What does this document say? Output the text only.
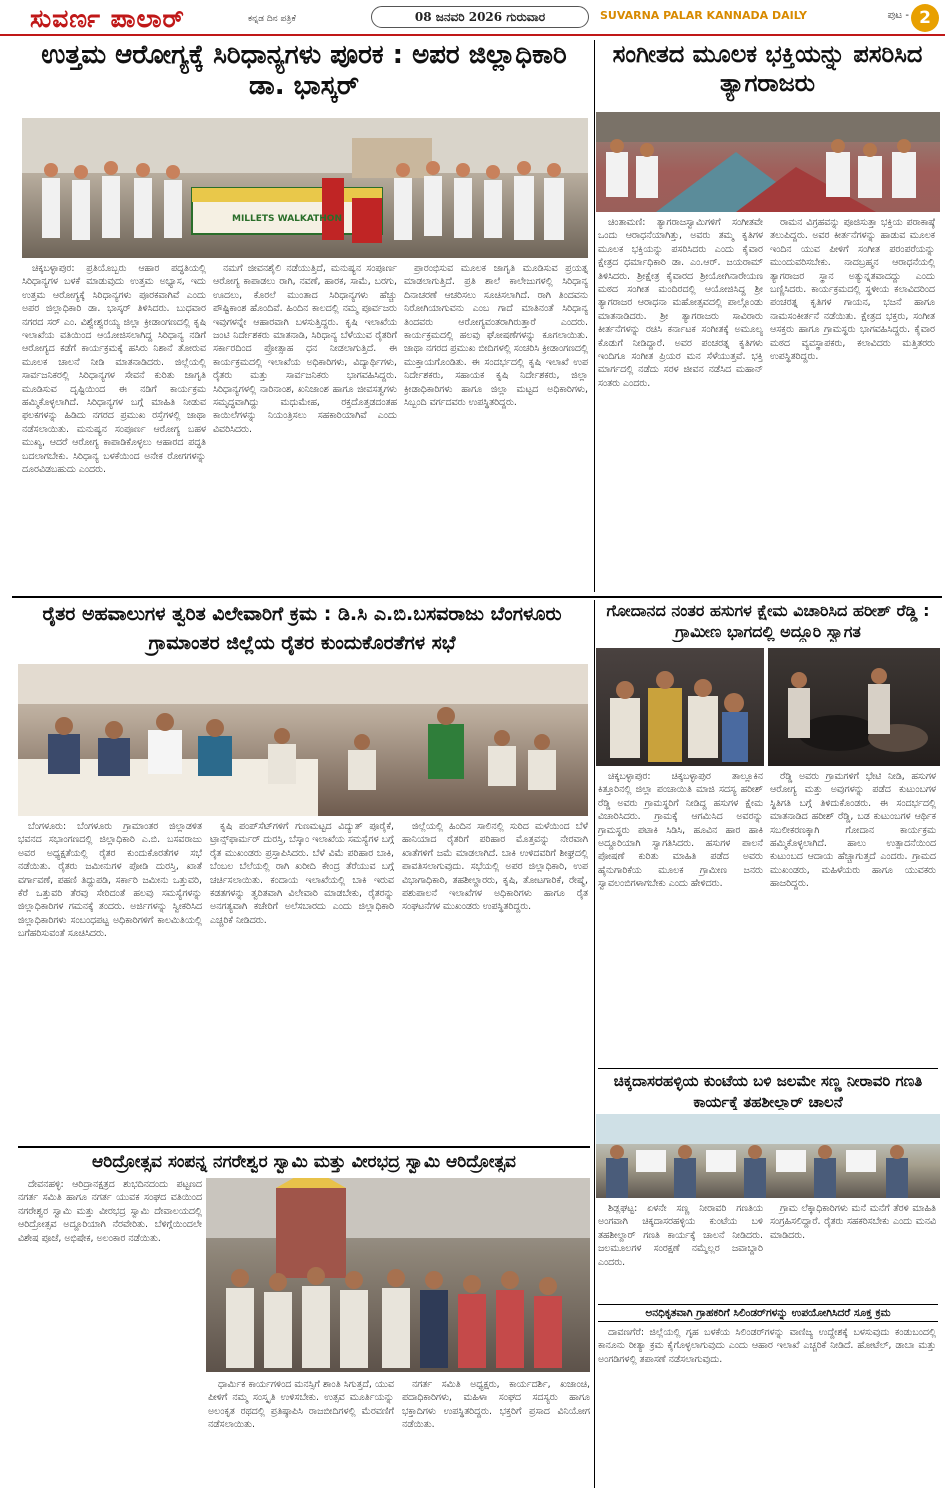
ಸುವರ್ಣ ಪಾಲಾರ್	ಕನ್ನಡ ದಿನ ಪತ್ರಿಕೆ	08 ಜನವರಿ 2026 ಗುರುವಾರ	SUVARNA PALAR KANNADA DAILY	ಪುಟ - 2
ಉತ್ತಮ ಆರೋಗ್ಯಕ್ಕೆ ಸಿರಿಧಾನ್ಯಗಳು ಪೂರಕ : ಅಪರ ಜಿಲ್ಲಾಧಿಕಾರಿ ಡಾ. ಭಾಸ್ಕರ್
MILLETS WALKATHON

ಚಿಕ್ಕಬಳ್ಳಾಪುರ: ಪ್ರತಿಯೊಬ್ಬರು ಆಹಾರ ಪದ್ಧತಿಯಲ್ಲಿ ಸಿರಿಧಾನ್ಯಗಳ ಬಳಕೆ ಮಾಡುವುದು ಉತ್ತಮ ಅಭ್ಯಾಸ, ಇದು ಉತ್ತಮ ಆರೋಗ್ಯಕ್ಕೆ ಸಿರಿಧಾನ್ಯಗಳು ಪೂರಕವಾಗಿವೆ ಎಂದು ಅಪರ ಜಿಲ್ಲಾಧಿಕಾರಿ ಡಾ. ಭಾಸ್ಕರ್ ತಿಳಿಸಿದರು. ಬುಧವಾರ ನಗರದ ಸರ್ ಎಂ. ವಿಶ್ವೇಶ್ವರಯ್ಯ ಜಿಲ್ಲಾ ಕ್ರೀಡಾಂಗಣದಲ್ಲಿ ಕೃಷಿ ಇಲಾಖೆಯ ವತಿಯಿಂದ ಆಯೋಜಿಸಲಾಗಿದ್ದ ಸಿರಿಧಾನ್ಯ ನಡಿಗೆ ಆರೋಗ್ಯದ ಕಡೆಗೆ ಕಾರ್ಯಕ್ರಮಕ್ಕೆ ಹಸಿರು ನಿಶಾನೆ ತೋರುವ ಮೂಲಕ ಚಾಲನೆ ನೀಡಿ ಮಾತನಾಡಿದರು. ಜಿಲ್ಲೆಯಲ್ಲಿ ಸಾರ್ವಜನಿಕರಲ್ಲಿ ಸಿರಿಧಾನ್ಯಗಳ ಸೇವನೆ ಕುರಿತು ಜಾಗೃತಿ ಮೂಡಿಸುವ ದೃಷ್ಟಿಯಿಂದ ಈ ನಡಿಗೆ ಕಾರ್ಯಕ್ರಮ ಹಮ್ಮಿಕೊಳ್ಳಲಾಗಿದೆ. ಸಿರಿಧಾನ್ಯಗಳ ಬಗ್ಗೆ ಮಾಹಿತಿ ನೀಡುವ ಫಲಕಗಳನ್ನು ಹಿಡಿದು ನಗರದ ಪ್ರಮುಖ ರಸ್ತೆಗಳಲ್ಲಿ ಜಾಥಾ ನಡೆಸಲಾಯಿತು. ಮನುಷ್ಯನ ಸಂಪೂರ್ಣ ಆರೋಗ್ಯ ಬಹಳ ಮುಖ್ಯ, ಆದರೆ ಆರೋಗ್ಯ ಕಾಪಾಡಿಕೊಳ್ಳಲು ಆಹಾರದ ಪದ್ಧತಿ ಬದಲಾಗಬೇಕು. ಸಿರಿಧಾನ್ಯ ಬಳಕೆಯಿಂದ ಅನೇಕ ರೋಗಗಳನ್ನು ದೂರವಿಡಬಹುದು ಎಂದರು.

ನಮಗೆ ಜೀವನಶೈಲಿ ನಡೆಯುತ್ತಿದೆ, ಮನುಷ್ಯನ ಸಂಪೂರ್ಣ ಆರೋಗ್ಯ ಕಾಪಾಡಲು ರಾಗಿ, ನವಣೆ, ಹಾರಕ, ಸಾಮೆ, ಬರಗು, ಊದಲು, ಕೊರಲೆ ಮುಂತಾದ ಸಿರಿಧಾನ್ಯಗಳು ಹೆಚ್ಚು ಪೌಷ್ಟಿಕಾಂಶ ಹೊಂದಿವೆ. ಹಿಂದಿನ ಕಾಲದಲ್ಲಿ ನಮ್ಮ ಪೂರ್ವಜರು ಇವುಗಳನ್ನೇ ಆಹಾರವಾಗಿ ಬಳಸುತ್ತಿದ್ದರು. ಕೃಷಿ ಇಲಾಖೆಯ ಜಂಟಿ ನಿರ್ದೇಶಕರು ಮಾತನಾಡಿ, ಸಿರಿಧಾನ್ಯ ಬೆಳೆಯುವ ರೈತರಿಗೆ ಸರ್ಕಾರದಿಂದ ಪ್ರೋತ್ಸಾಹ ಧನ ನೀಡಲಾಗುತ್ತಿದೆ. ಈ ಕಾರ್ಯಕ್ರಮದಲ್ಲಿ ಇಲಾಖೆಯ ಅಧಿಕಾರಿಗಳು, ವಿದ್ಯಾರ್ಥಿಗಳು, ರೈತರು ಮತ್ತು ಸಾರ್ವಜನಿಕರು ಭಾಗವಹಿಸಿದ್ದರು. ಸಿರಿಧಾನ್ಯಗಳಲ್ಲಿ ನಾರಿನಾಂಶ, ಖನಿಜಾಂಶ ಹಾಗೂ ಜೀವಸತ್ವಗಳು ಸಮೃದ್ಧವಾಗಿದ್ದು ಮಧುಮೇಹ, ರಕ್ತದೊತ್ತಡದಂತಹ ಕಾಯಿಲೆಗಳನ್ನು ನಿಯಂತ್ರಿಸಲು ಸಹಕಾರಿಯಾಗಿವೆ ಎಂದು ವಿವರಿಸಿದರು.

ಪ್ರಾರಂಭಿಸುವ ಮೂಲಕ ಜಾಗೃತಿ ಮೂಡಿಸುವ ಪ್ರಯತ್ನ ಮಾಡಲಾಗುತ್ತಿದೆ. ಪ್ರತಿ ಶಾಲೆ ಕಾಲೇಜುಗಳಲ್ಲಿ ಸಿರಿಧಾನ್ಯ ದಿನಾಚರಣೆ ಆಚರಿಸಲು ಸೂಚಿಸಲಾಗಿದೆ. ರಾಗಿ ತಿಂದವನು ನಿರೋಗಿಯಾಗುವನು ಎಂಬ ಗಾದೆ ಮಾತಿನಂತೆ ಸಿರಿಧಾನ್ಯ ತಿಂದವರು ಆರೋಗ್ಯವಂತರಾಗಿರುತ್ತಾರೆ ಎಂದರು. ಕಾರ್ಯಕ್ರಮದಲ್ಲಿ ಹಲವು ಘೋಷಣೆಗಳನ್ನು ಕೂಗಲಾಯಿತು. ಜಾಥಾ ನಗರದ ಪ್ರಮುಖ ಬೀದಿಗಳಲ್ಲಿ ಸಂಚರಿಸಿ ಕ್ರೀಡಾಂಗಣದಲ್ಲಿ ಮುಕ್ತಾಯಗೊಂಡಿತು. ಈ ಸಂದರ್ಭದಲ್ಲಿ ಕೃಷಿ ಇಲಾಖೆ ಉಪ ನಿರ್ದೇಶಕರು, ಸಹಾಯಕ ಕೃಷಿ ನಿರ್ದೇಶಕರು, ಜಿಲ್ಲಾ ಕ್ರೀಡಾಧಿಕಾರಿಗಳು ಹಾಗೂ ಜಿಲ್ಲಾ ಮಟ್ಟದ ಅಧಿಕಾರಿಗಳು, ಸಿಬ್ಬಂದಿ ವರ್ಗದವರು ಉಪಸ್ಥಿತರಿದ್ದರು.

ಸಂಗೀತದ ಮೂಲಕ ಭಕ್ತಿಯನ್ನು ಪಸರಿಸಿದ ತ್ಯಾಗರಾಜರು

ಚಿಂತಾಮಣಿ: ತ್ಯಾಗರಾಜಸ್ವಾಮಿಗಳಿಗೆ ಸಂಗೀತವೇ ಒಂದು ಆರಾಧನೆಯಾಗಿತ್ತು, ಅವರು ತಮ್ಮ ಕೃತಿಗಳ ಮೂಲಕ ಭಕ್ತಿಯನ್ನು ಪಸರಿಸಿದರು ಎಂದು ಕೈವಾರ ಕ್ಷೇತ್ರದ ಧರ್ಮಾಧಿಕಾರಿ ಡಾ. ಎಂ.ಆರ್. ಜಯರಾಮ್ ತಿಳಿಸಿದರು. ಶ್ರೀಕ್ಷೇತ್ರ ಕೈವಾರದ ಶ್ರೀಯೋಗಿನಾರೇಯಣ ಮಠದ ಸಂಗೀತ ಮಂದಿರದಲ್ಲಿ ಆಯೋಜಿಸಿದ್ದ ಶ್ರೀ ತ್ಯಾಗರಾಜರ ಆರಾಧನಾ ಮಹೋತ್ಸವದಲ್ಲಿ ಪಾಲ್ಗೊಂಡು ಮಾತನಾಡಿದರು. ಶ್ರೀ ತ್ಯಾಗರಾಜರು ಸಾವಿರಾರು ಕೀರ್ತನೆಗಳನ್ನು ರಚಿಸಿ ಕರ್ನಾಟಕ ಸಂಗೀತಕ್ಕೆ ಅಮೂಲ್ಯ ಕೊಡುಗೆ ನೀಡಿದ್ದಾರೆ. ಅವರ ಪಂಚರತ್ನ ಕೃತಿಗಳು ಇಂದಿಗೂ ಸಂಗೀತ ಪ್ರಿಯರ ಮನ ಸೆಳೆಯುತ್ತವೆ. ಭಕ್ತಿ ಮಾರ್ಗದಲ್ಲಿ ನಡೆದು ಸರಳ ಜೀವನ ನಡೆಸಿದ ಮಹಾನ್ ಸಂತರು ಎಂದರು.

ರಾಮನ ವಿಗ್ರಹವನ್ನು ಪೂಜಿಸುತ್ತಾ ಭಕ್ತಿಯ ಪರಾಕಾಷ್ಠೆ ತಲುಪಿದ್ದರು. ಅವರ ಕೀರ್ತನೆಗಳನ್ನು ಹಾಡುವ ಮೂಲಕ ಇಂದಿನ ಯುವ ಪೀಳಿಗೆ ಸಂಗೀತ ಪರಂಪರೆಯನ್ನು ಮುಂದುವರಿಸಬೇಕು. ನಾದಬ್ರಹ್ಮನ ಆರಾಧನೆಯಲ್ಲಿ ತ್ಯಾಗರಾಜರ ಸ್ಥಾನ ಅತ್ಯುನ್ನತವಾದದ್ದು ಎಂದು ಬಣ್ಣಿಸಿದರು. ಕಾರ್ಯಕ್ರಮದಲ್ಲಿ ಸ್ಥಳೀಯ ಕಲಾವಿದರಿಂದ ಪಂಚರತ್ನ ಕೃತಿಗಳ ಗಾಯನ, ಭಜನೆ ಹಾಗೂ ನಾಮಸಂಕೀರ್ತನೆ ನಡೆಯಿತು. ಕ್ಷೇತ್ರದ ಭಕ್ತರು, ಸಂಗೀತ ಆಸಕ್ತರು ಹಾಗೂ ಗ್ರಾಮಸ್ಥರು ಭಾಗವಹಿಸಿದ್ದರು. ಕೈವಾರ ಮಠದ ವ್ಯವಸ್ಥಾಪಕರು, ಕಲಾವಿದರು ಮತ್ತಿತರರು ಉಪಸ್ಥಿತರಿದ್ದರು.

ರೈತರ ಅಹವಾಲುಗಳ ತ್ವರಿತ ವಿಲೇವಾರಿಗೆ ಕ್ರಮ : ಡಿ.ಸಿ ಎ.ಬಿ.ಬಸವರಾಜು ಬೆಂಗಳೂರು ಗ್ರಾಮಾಂತರ ಜಿಲ್ಲೆಯ ರೈತರ ಕುಂದುಕೊರತೆಗಳ ಸಭೆ

ಬೆಂಗಳೂರು: ಬೆಂಗಳೂರು ಗ್ರಾಮಾಂತರ ಜಿಲ್ಲಾಡಳಿತ ಭವನದ ಸಭಾಂಗಣದಲ್ಲಿ ಜಿಲ್ಲಾಧಿಕಾರಿ ಎ.ಬಿ. ಬಸವರಾಜು ಅವರ ಅಧ್ಯಕ್ಷತೆಯಲ್ಲಿ ರೈತರ ಕುಂದುಕೊರತೆಗಳ ಸಭೆ ನಡೆಯಿತು. ರೈತರು ಜಮೀನುಗಳ ಪೋಡಿ ದುರಸ್ತಿ, ಖಾತೆ ವರ್ಗಾವಣೆ, ಪಹಣಿ ತಿದ್ದುಪಡಿ, ಸರ್ಕಾರಿ ಜಮೀನು ಒತ್ತುವರಿ, ಕೆರೆ ಒತ್ತುವರಿ ತೆರವು ಸೇರಿದಂತೆ ಹಲವು ಸಮಸ್ಯೆಗಳನ್ನು ಜಿಲ್ಲಾಧಿಕಾರಿಗಳ ಗಮನಕ್ಕೆ ತಂದರು. ಅರ್ಜಿಗಳನ್ನು ಸ್ವೀಕರಿಸಿದ ಜಿಲ್ಲಾಧಿಕಾರಿಗಳು ಸಂಬಂಧಪಟ್ಟ ಅಧಿಕಾರಿಗಳಿಗೆ ಕಾಲಮಿತಿಯಲ್ಲಿ ಬಗೆಹರಿಸುವಂತೆ ಸೂಚಿಸಿದರು.

ಕೃಷಿ ಪಂಪ್‌ಸೆಟ್‌ಗಳಿಗೆ ಗುಣಮಟ್ಟದ ವಿದ್ಯುತ್ ಪೂರೈಕೆ, ಟ್ರಾನ್ಸ್‌ಫಾರ್ಮರ್ ದುರಸ್ತಿ, ಬೆಸ್ಕಾಂ ಇಲಾಖೆಯ ಸಮಸ್ಯೆಗಳ ಬಗ್ಗೆ ರೈತ ಮುಖಂಡರು ಪ್ರಸ್ತಾಪಿಸಿದರು. ಬೆಳೆ ವಿಮೆ ಪರಿಹಾರ ಬಾಕಿ, ಬೆಂಬಲ ಬೆಲೆಯಲ್ಲಿ ರಾಗಿ ಖರೀದಿ ಕೇಂದ್ರ ತೆರೆಯುವ ಬಗ್ಗೆ ಚರ್ಚಿಸಲಾಯಿತು. ಕಂದಾಯ ಇಲಾಖೆಯಲ್ಲಿ ಬಾಕಿ ಇರುವ ಕಡತಗಳನ್ನು ತ್ವರಿತವಾಗಿ ವಿಲೇವಾರಿ ಮಾಡಬೇಕು, ರೈತರನ್ನು ಅನಗತ್ಯವಾಗಿ ಕಚೇರಿಗೆ ಅಲೆಸಬಾರದು ಎಂದು ಜಿಲ್ಲಾಧಿಕಾರಿ ಎಚ್ಚರಿಕೆ ನೀಡಿದರು.

ಜಿಲ್ಲೆಯಲ್ಲಿ ಹಿಂದಿನ ಸಾಲಿನಲ್ಲಿ ಸುರಿದ ಮಳೆಯಿಂದ ಬೆಳೆ ಹಾನಿಯಾದ ರೈತರಿಗೆ ಪರಿಹಾರ ಮೊತ್ತವನ್ನು ನೇರವಾಗಿ ಖಾತೆಗಳಿಗೆ ಜಮೆ ಮಾಡಲಾಗಿದೆ. ಬಾಕಿ ಉಳಿದವರಿಗೆ ಶೀಘ್ರದಲ್ಲಿ ಪಾವತಿಸಲಾಗುವುದು. ಸಭೆಯಲ್ಲಿ ಅಪರ ಜಿಲ್ಲಾಧಿಕಾರಿ, ಉಪ ವಿಭಾಗಾಧಿಕಾರಿ, ತಹಶೀಲ್ದಾರರು, ಕೃಷಿ, ತೋಟಗಾರಿಕೆ, ರೇಷ್ಮೆ, ಪಶುಪಾಲನೆ ಇಲಾಖೆಗಳ ಅಧಿಕಾರಿಗಳು ಹಾಗೂ ರೈತ ಸಂಘಟನೆಗಳ ಮುಖಂಡರು ಉಪಸ್ಥಿತರಿದ್ದರು.

ಗೋದಾನದ ನಂತರ ಹಸುಗಳ ಕ್ಷೇಮ ವಿಚಾರಿಸಿದ ಹರೀಶ್ ರೆಡ್ಡಿ : ಗ್ರಾಮೀಣ ಭಾಗದಲ್ಲಿ ಅದ್ದೂರಿ ಸ್ವಾಗತ

ಚಿಕ್ಕಬಳ್ಳಾಪುರ: ಚಿಕ್ಕಬಳ್ಳಾಪುರ ತಾಲ್ಲೂಕಿನ ಕಿತ್ತೂರಿನಲ್ಲಿ ಜಿಲ್ಲಾ ಪಂಚಾಯಿತಿ ಮಾಜಿ ಸದಸ್ಯ ಹರೀಶ್ ರೆಡ್ಡಿ ಅವರು ಗ್ರಾಮಸ್ಥರಿಗೆ ನೀಡಿದ್ದ ಹಸುಗಳ ಕ್ಷೇಮ ವಿಚಾರಿಸಿದರು. ಗ್ರಾಮಕ್ಕೆ ಆಗಮಿಸಿದ ಅವರನ್ನು ಗ್ರಾಮಸ್ಥರು ಪಟಾಕಿ ಸಿಡಿಸಿ, ಹೂವಿನ ಹಾರ ಹಾಕಿ ಅದ್ದೂರಿಯಾಗಿ ಸ್ವಾಗತಿಸಿದರು. ಹಸುಗಳ ಪಾಲನೆ ಪೋಷಣೆ ಕುರಿತು ಮಾಹಿತಿ ಪಡೆದ ಅವರು ಹೈನುಗಾರಿಕೆಯ ಮೂಲಕ ಗ್ರಾಮೀಣ ಜನರು ಸ್ವಾವಲಂಬಿಗಳಾಗಬೇಕು ಎಂದು ಹೇಳಿದರು.

ರೆಡ್ಡಿ ಅವರು ಗ್ರಾಮಗಳಿಗೆ ಭೇಟಿ ನೀಡಿ, ಹಸುಗಳ ಆರೋಗ್ಯ ಮತ್ತು ಅವುಗಳನ್ನು ಪಡೆದ ಕುಟುಂಬಗಳ ಸ್ಥಿತಿಗತಿ ಬಗ್ಗೆ ತಿಳಿದುಕೊಂಡರು. ಈ ಸಂದರ್ಭದಲ್ಲಿ ಮಾತನಾಡಿದ ಹರೀಶ್ ರೆಡ್ಡಿ, ಬಡ ಕುಟುಂಬಗಳ ಆರ್ಥಿಕ ಸಬಲೀಕರಣಕ್ಕಾಗಿ ಗೋದಾನ ಕಾರ್ಯಕ್ರಮ ಹಮ್ಮಿಕೊಳ್ಳಲಾಗಿದೆ. ಹಾಲು ಉತ್ಪಾದನೆಯಿಂದ ಕುಟುಂಬದ ಆದಾಯ ಹೆಚ್ಚಾಗುತ್ತದೆ ಎಂದರು. ಗ್ರಾಮದ ಮುಖಂಡರು, ಮಹಿಳೆಯರು ಹಾಗೂ ಯುವಕರು ಹಾಜರಿದ್ದರು.

ಚಿಕ್ಕದಾಸರಹಳ್ಳಿಯ ಕುಂಟೆಯ ಬಳಿ ಜಲಮೇ ಸಣ್ಣ ನೀರಾವರಿ ಗಣತಿ ಕಾರ್ಯಕ್ಕೆ ತಹಶೀಲ್ದಾರ್ ಚಾಲನೆ

ಶಿಡ್ಲಘಟ್ಟ: ಏಳನೇ ಸಣ್ಣ ನೀರಾವರಿ ಗಣತಿಯ ಅಂಗವಾಗಿ ಚಿಕ್ಕದಾಸರಹಳ್ಳಿಯ ಕುಂಟೆಯ ಬಳಿ ತಹಶೀಲ್ದಾರ್ ಗಣತಿ ಕಾರ್ಯಕ್ಕೆ ಚಾಲನೆ ನೀಡಿದರು. ಜಲಮೂಲಗಳ ಸಂರಕ್ಷಣೆ ನಮ್ಮೆಲ್ಲರ ಜವಾಬ್ದಾರಿ ಎಂದರು.

ಗ್ರಾಮ ಲೆಕ್ಕಾಧಿಕಾರಿಗಳು ಮನೆ ಮನೆಗೆ ತೆರಳಿ ಮಾಹಿತಿ ಸಂಗ್ರಹಿಸಲಿದ್ದಾರೆ. ರೈತರು ಸಹಕರಿಸಬೇಕು ಎಂದು ಮನವಿ ಮಾಡಿದರು.

ಅನಧಿಕೃತವಾಗಿ ಗ್ರಾಹಕರಿಗೆ ಸಿಲಿಂಡರ್‌ಗಳನ್ನು ಉಪಯೋಗಿಸಿದರೆ ಸೂಕ್ತ ಕ್ರಮ

ದಾವಣಗೆರೆ: ಜಿಲ್ಲೆಯಲ್ಲಿ ಗೃಹ ಬಳಕೆಯ ಸಿಲಿಂಡರ್‌ಗಳನ್ನು ವಾಣಿಜ್ಯ ಉದ್ದೇಶಕ್ಕೆ ಬಳಸುವುದು ಕಂಡುಬಂದಲ್ಲಿ ಕಾನೂನು ರೀತ್ಯಾ ಕ್ರಮ ಕೈಗೊಳ್ಳಲಾಗುವುದು ಎಂದು ಆಹಾರ ಇಲಾಖೆ ಎಚ್ಚರಿಕೆ ನೀಡಿದೆ. ಹೋಟೆಲ್, ಡಾಬಾ ಮತ್ತು ಅಂಗಡಿಗಳಲ್ಲಿ ತಪಾಸಣೆ ನಡೆಸಲಾಗುವುದು.

ಆರಿದ್ರೋತ್ಸವ ಸಂಪನ್ನ ನಗರೇಶ್ವರ ಸ್ವಾಮಿ ಮತ್ತು ವೀರಭದ್ರ ಸ್ವಾಮಿ ಆರಿದ್ರೋತ್ಸವ

ದೇವನಹಳ್ಳಿ: ಆರಿದ್ರಾನಕ್ಷತ್ರದ ಶುಭದಿನದಂದು ಪಟ್ಟಣದ ನಗರ್ತ ಸಮಿತಿ ಹಾಗೂ ನಗರ್ತ ಯುವಕ ಸಂಘದ ವತಿಯಿಂದ ನಗರೇಶ್ವರ ಸ್ವಾಮಿ ಮತ್ತು ವೀರಭದ್ರ ಸ್ವಾಮಿ ದೇವಾಲಯದಲ್ಲಿ ಆರಿದ್ರೋತ್ಸವ ಅದ್ದೂರಿಯಾಗಿ ನೆರವೇರಿತು. ಬೆಳಿಗ್ಗೆಯಿಂದಲೇ ವಿಶೇಷ ಪೂಜೆ, ಅಭಿಷೇಕ, ಅಲಂಕಾರ ನಡೆಯಿತು.

ಧಾರ್ಮಿಕ ಕಾರ್ಯಗಳಿಂದ ಮನಸ್ಸಿಗೆ ಶಾಂತಿ ಸಿಗುತ್ತದೆ, ಯುವ ಪೀಳಿಗೆ ನಮ್ಮ ಸಂಸ್ಕೃತಿ ಉಳಿಸಬೇಕು. ಉತ್ಸವ ಮೂರ್ತಿಯನ್ನು ಅಲಂಕೃತ ರಥದಲ್ಲಿ ಪ್ರತಿಷ್ಠಾಪಿಸಿ ರಾಜಬೀದಿಗಳಲ್ಲಿ ಮೆರವಣಿಗೆ ನಡೆಸಲಾಯಿತು.

ನಗರ್ತ ಸಮಿತಿ ಅಧ್ಯಕ್ಷರು, ಕಾರ್ಯದರ್ಶಿ, ಖಜಾಂಚಿ, ಪದಾಧಿಕಾರಿಗಳು, ಮಹಿಳಾ ಸಂಘದ ಸದಸ್ಯರು ಹಾಗೂ ಭಕ್ತಾದಿಗಳು ಉಪಸ್ಥಿತರಿದ್ದರು. ಭಕ್ತರಿಗೆ ಪ್ರಸಾದ ವಿನಿಯೋಗ ನಡೆಯಿತು.
